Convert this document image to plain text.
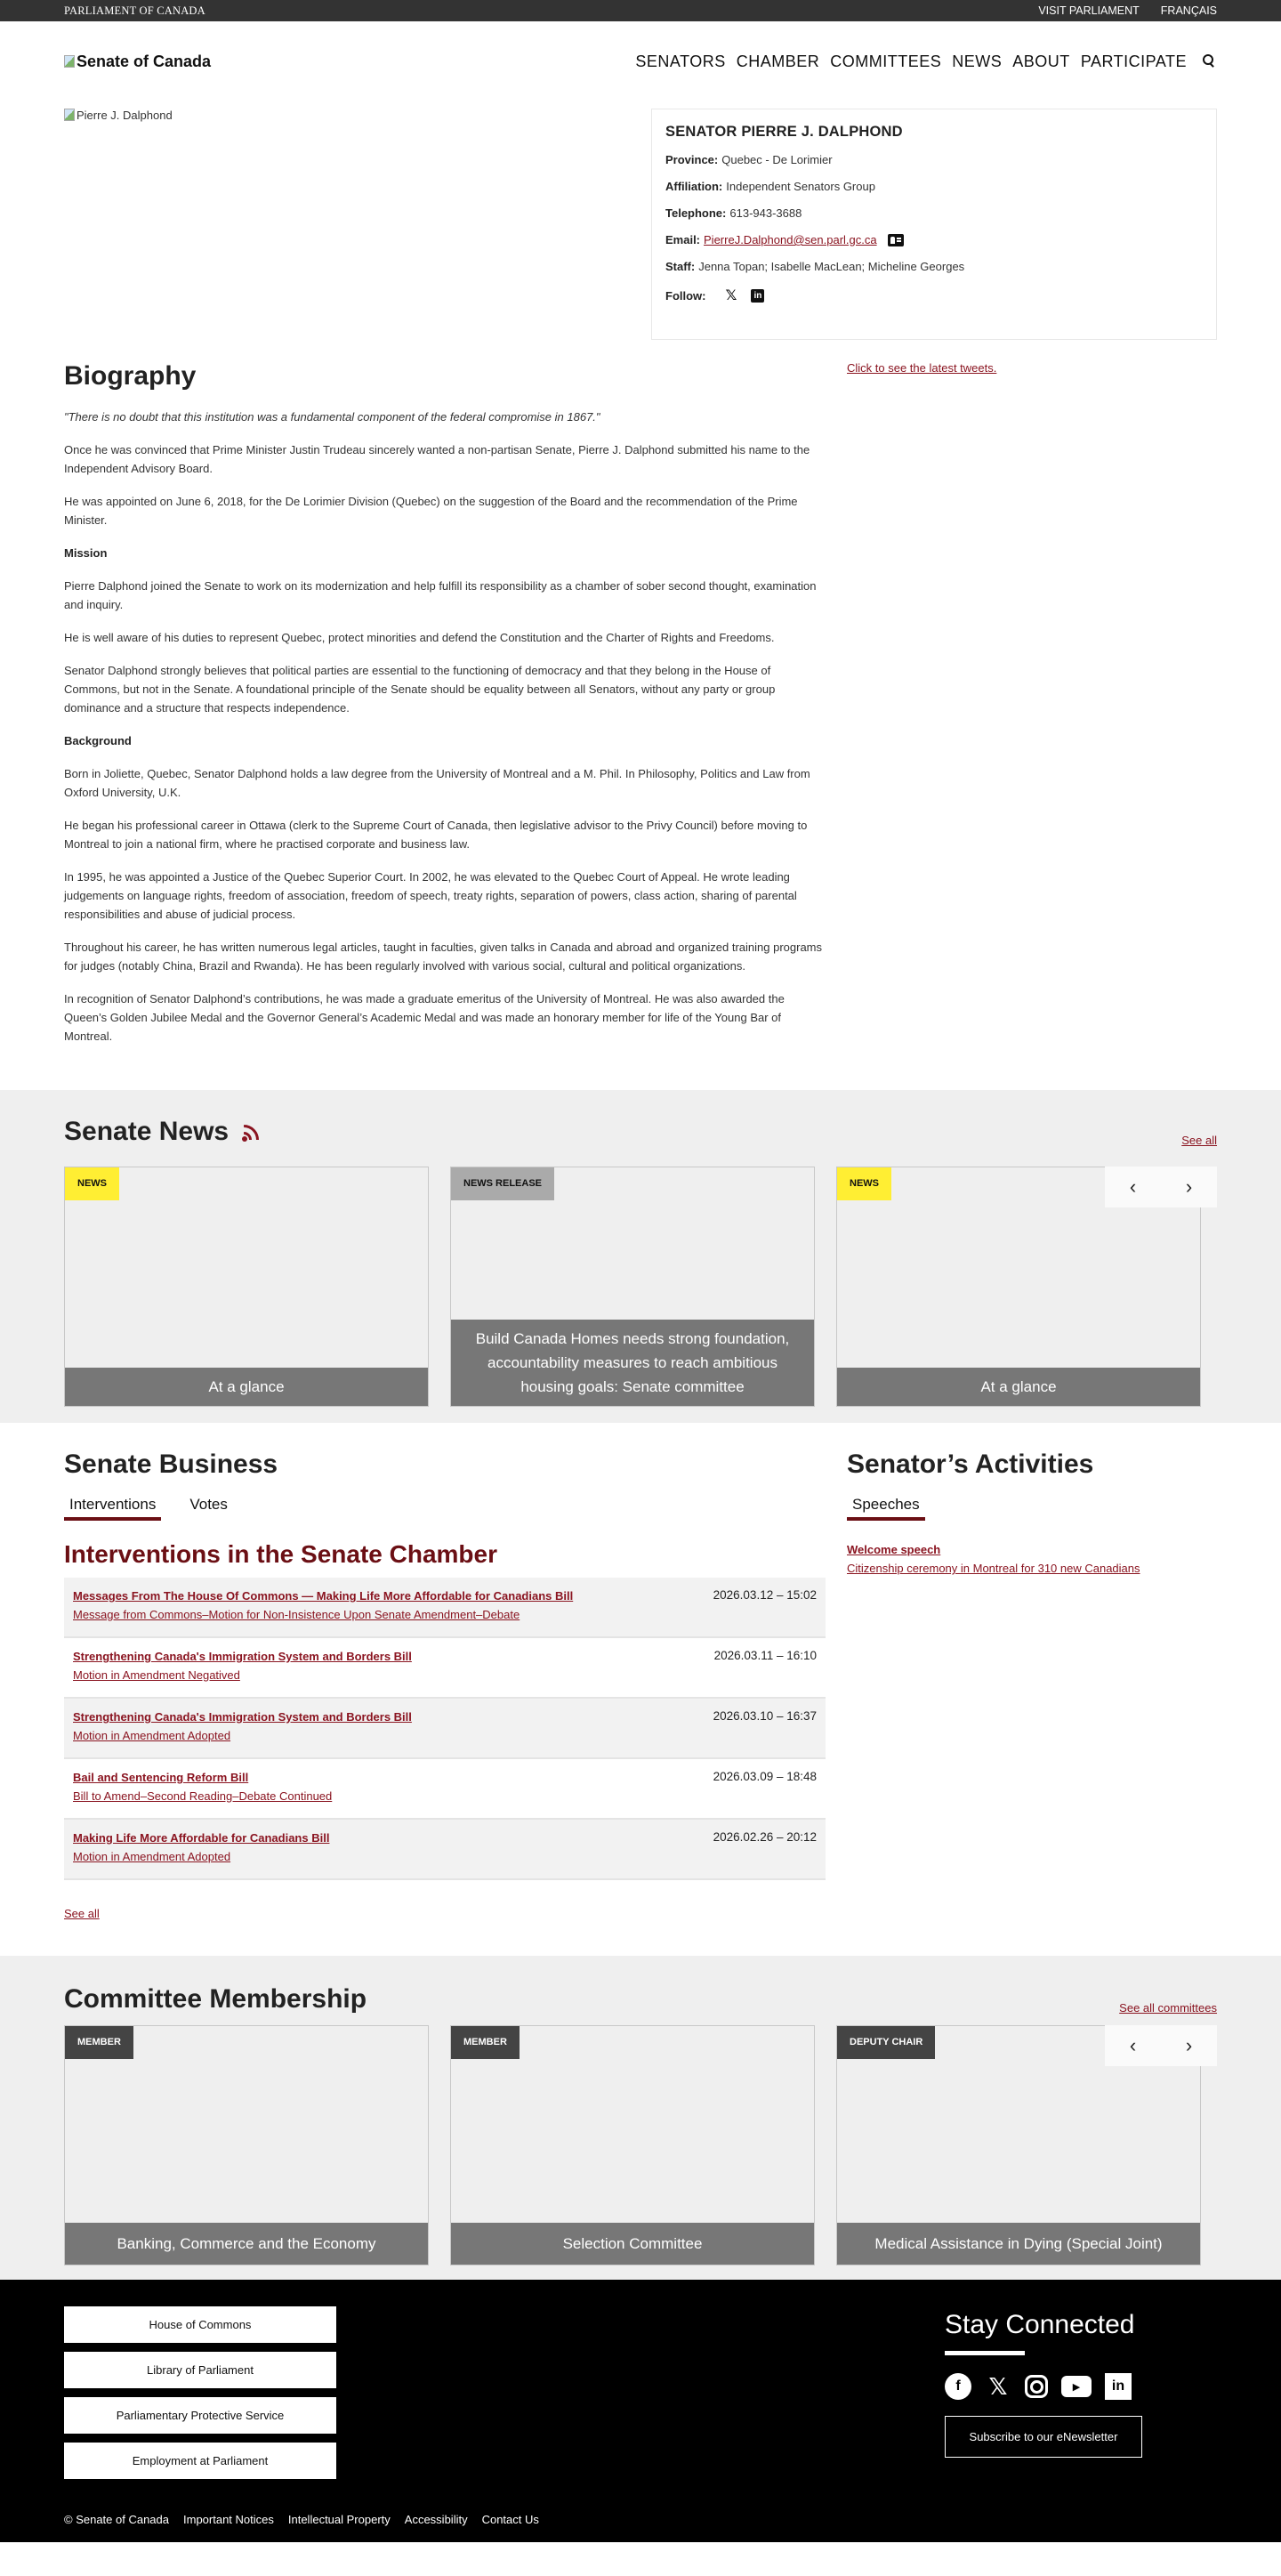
PARLIAMENT OF CANADA	VISIT PARLIAMENT FRANÇAIS
Senate of Canada	SENATORS CHAMBER COMMITTEES NEWS ABOUT PARTICIPATE
Pierre J. Dalphond
SENATOR PIERRE J. DALPHOND
Province: Quebec - De Lorimier
Affiliation: Independent Senators Group
Telephone: 613-943-3688
Email: PierreJ.Dalphond@sen.parl.gc.ca
Staff: Jenna Topan; Isabelle MacLean; Micheline Georges
Follow: 𝕏	in
Biography

"There is no doubt that this institution was a fundamental component of the federal compromise in 1867."

Once he was convinced that Prime Minister Justin Trudeau sincerely wanted a non-partisan Senate, Pierre J. Dalphond submitted his name to the Independent Advisory Board.

He was appointed on June 6, 2018, for the De Lorimier Division (Quebec) on the suggestion of the Board and the recommendation of the Prime Minister.

Mission

Pierre Dalphond joined the Senate to work on its modernization and help fulfill its responsibility as a chamber of sober second thought, examination and inquiry.

He is well aware of his duties to represent Quebec, protect minorities and defend the Constitution and the Charter of Rights and Freedoms.

Senator Dalphond strongly believes that political parties are essential to the functioning of democracy and that they belong in the House of Commons, but not in the Senate. A foundational principle of the Senate should be equality between all Senators, without any party or group dominance and a structure that respects independence.

Background

Born in Joliette, Quebec, Senator Dalphond holds a law degree from the University of Montreal and a M. Phil. In Philosophy, Politics and Law from Oxford University, U.K.

He began his professional career in Ottawa (clerk to the Supreme Court of Canada, then legislative advisor to the Privy Council) before moving to Montreal to join a national firm, where he practised corporate and business law.

In 1995, he was appointed a Justice of the Quebec Superior Court. In 2002, he was elevated to the Quebec Court of Appeal. He wrote leading judgements on language rights, freedom of association, freedom of speech, treaty rights, separation of powers, class action, sharing of parental responsibilities and abuse of judicial process.

Throughout his career, he has written numerous legal articles, taught in faculties, given talks in Canada and abroad and organized training programs for judges (notably China, Brazil and Rwanda). He has been regularly involved with various social, cultural and political organizations.

In recognition of Senator Dalphond’s contributions, he was made a graduate emeritus of the University of Montreal. He was also awarded the Queen’s Golden Jubilee Medal and the Governor General’s Academic Medal and was made an honorary member for life of the Young Bar of Montreal.

Click to see the latest tweets.
Senate News	See all
NEWS
At a glance
NEWS RELEASE
Build Canada Homes needs strong foundation, accountability measures to reach ambitious housing goals: Senate committee
NEWS
At a glance
‹	›
Senate Business
Interventions	Votes
Interventions in the Senate Chamber
Messages From The House Of Commons — Making Life More Affordable for Canadians Bill
Message from Commons–Motion for Non-Insistence Upon Senate Amendment–Debate
2026.03.12 – 15:02
Strengthening Canada's Immigration System and Borders Bill
Motion in Amendment Negatived
2026.03.11 – 16:10
Strengthening Canada's Immigration System and Borders Bill
Motion in Amendment Adopted
2026.03.10 – 16:37
Bail and Sentencing Reform Bill
Bill to Amend–Second Reading–Debate Continued
2026.03.09 – 18:48
Making Life More Affordable for Canadians Bill
Motion in Amendment Adopted
2026.02.26 – 20:12
See all
Senator’s Activities
Speeches
Welcome speech
Citizenship ceremony in Montreal for 310 new Canadians
Committee Membership	See all committees
MEMBER
Banking, Commerce and the Economy
MEMBER
Selection Committee
DEPUTY CHAIR
Medical Assistance in Dying (Special Joint)
‹	›
House of Commons
Library of Parliament
Parliamentary Protective Service
Employment at Parliament
Stay Connected
f	𝕏	▶	in
Subscribe to our eNewsletter
© Senate of Canada Important Notices Intellectual Property Accessibility Contact Us
